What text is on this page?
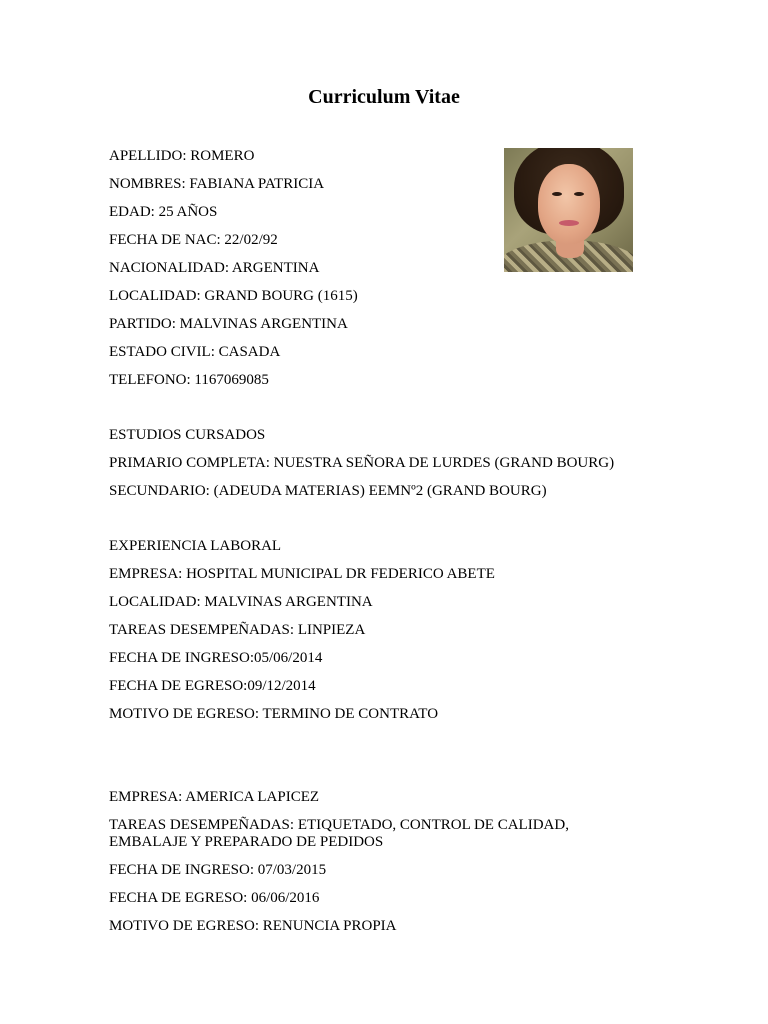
Curriculum Vitae
APELLIDO: ROMERO
NOMBRES: FABIANA PATRICIA
EDAD: 25 AÑOS
FECHA DE NAC: 22/02/92
NACIONALIDAD: ARGENTINA
LOCALIDAD: GRAND BOURG (1615)
PARTIDO: MALVINAS ARGENTINA
ESTADO CIVIL: CASADA
TELEFONO: 1167069085
ESTUDIOS CURSADOS
PRIMARIO COMPLETA: NUESTRA SEÑORA DE LURDES (GRAND BOURG)
SECUNDARIO: (ADEUDA MATERIAS) EEMNº2 (GRAND BOURG)
EXPERIENCIA LABORAL
EMPRESA: HOSPITAL MUNICIPAL DR FEDERICO ABETE
LOCALIDAD: MALVINAS ARGENTINA
TAREAS DESEMPEÑADAS: LINPIEZA
FECHA DE INGRESO:05/06/2014
FECHA DE EGRESO:09/12/2014
MOTIVO DE EGRESO: TERMINO DE CONTRATO
EMPRESA: AMERICA LAPICEZ
TAREAS DESEMPEÑADAS: ETIQUETADO, CONTROL DE CALIDAD,
EMBALAJE Y PREPARADO DE PEDIDOS
FECHA DE INGRESO: 07/03/2015
FECHA DE EGRESO: 06/06/2016
MOTIVO DE EGRESO: RENUNCIA PROPIA
